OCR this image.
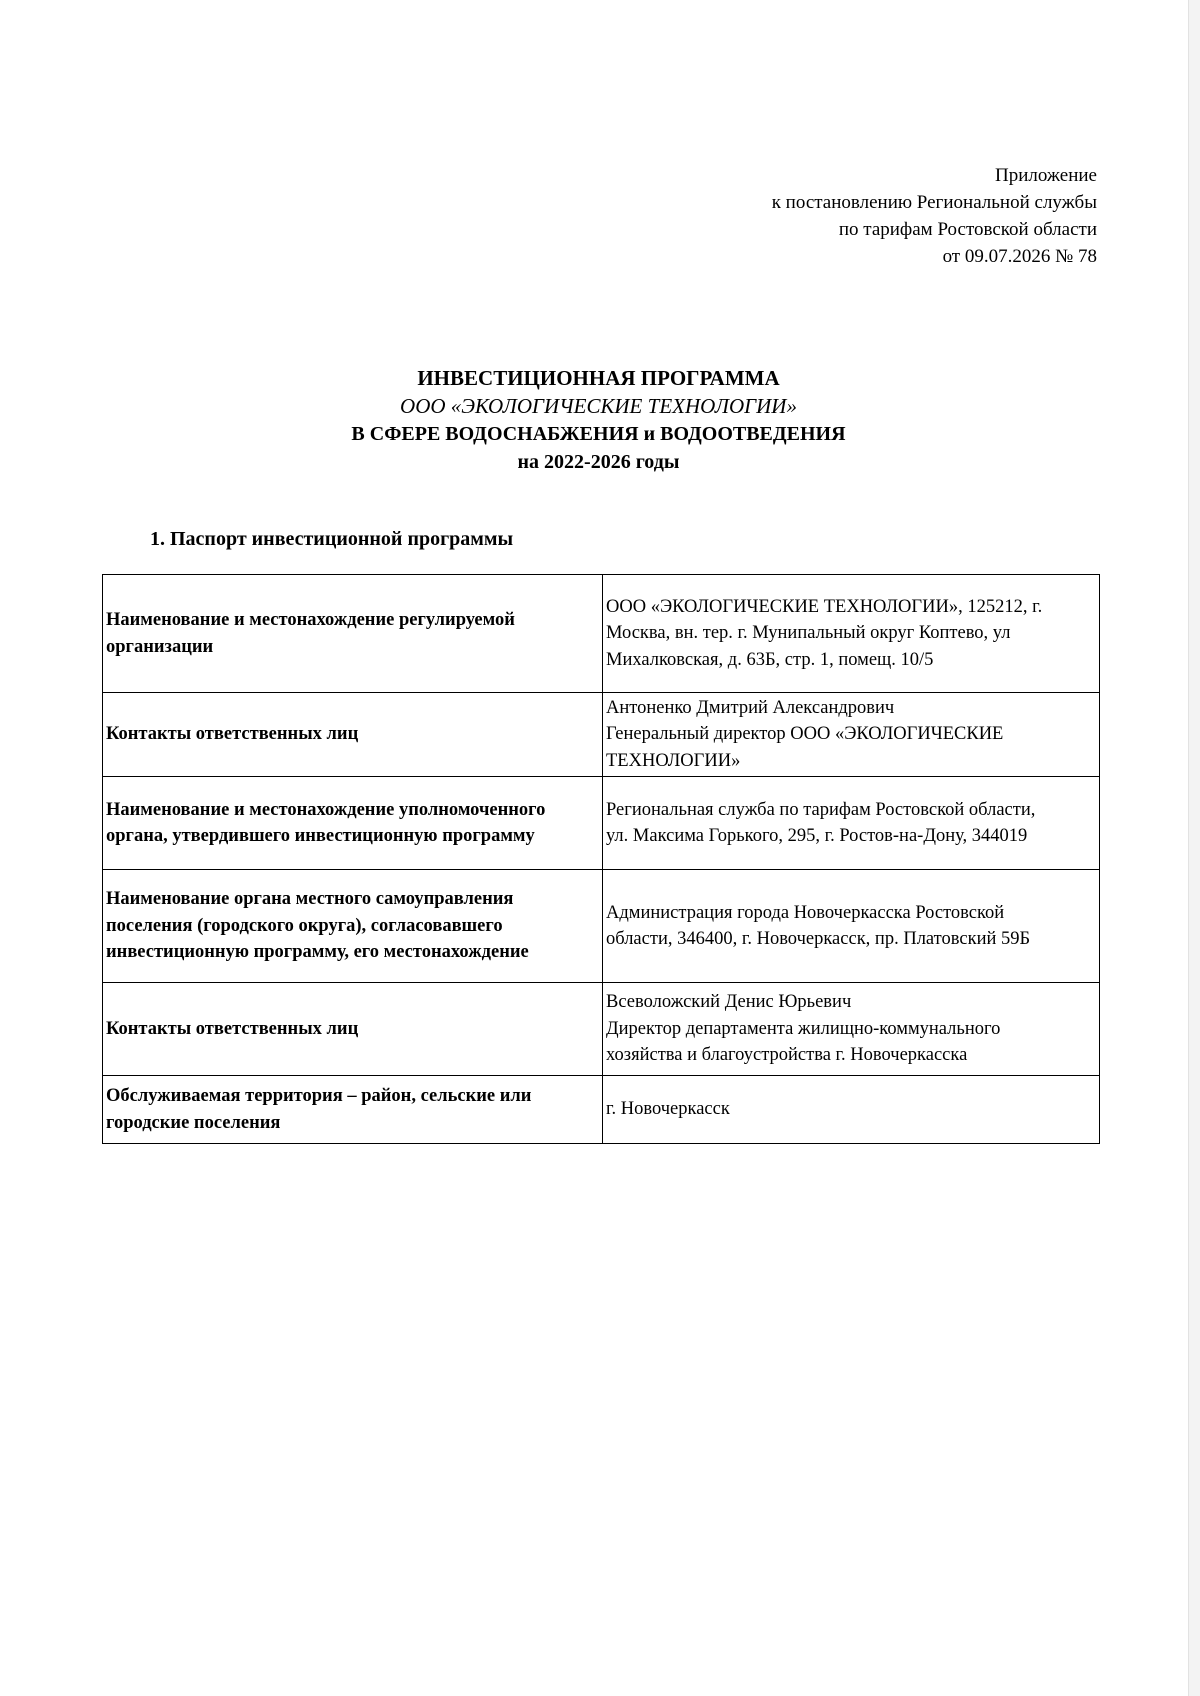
Приложение
к постановлению Региональной службы
по тарифам Ростовской области
от 09.07.2026 № 78
ИНВЕСТИЦИОННАЯ ПРОГРАММА
ООО «ЭКОЛОГИЧЕСКИЕ ТЕХНОЛОГИИ»
В СФЕРЕ ВОДОСНАБЖЕНИЯ и ВОДООТВЕДЕНИЯ
на 2022-2026 годы
1. Паспорт инвестиционной программы
Наименование и местонахождение регулируемой
организации	ООО «ЭКОЛОГИЧЕСКИЕ ТЕХНОЛОГИИ», 125212, г.
Москва, вн. тер. г. Мунипальный округ Коптево, ул
Михалковская, д. 63Б, стр. 1, помещ. 10/5

Контакты ответственных лиц	Антоненко Дмитрий Александрович
Генеральный директор ООО «ЭКОЛОГИЧЕСКИЕ
ТЕХНОЛОГИИ»

Наименование и местонахождение уполномоченного
органа, утвердившего инвестиционную программу	Региональная служба по тарифам Ростовской области,
ул. Максима Горького, 295, г. Ростов-на-Дону, 344019

Наименование органа местного самоуправления
поселения (городского округа), согласовавшего
инвестиционную программу, его местонахождение	Администрация города Новочеркасска Ростовской
области, 346400, г. Новочеркасск, пр. Платовский 59Б

Контакты ответственных лиц	Всеволожский Денис Юрьевич
Директор департамента жилищно-коммунального
хозяйства и благоустройства г. Новочеркасска

Обслуживаемая территория – район, сельские или
городские поселения	г. Новочеркасск
